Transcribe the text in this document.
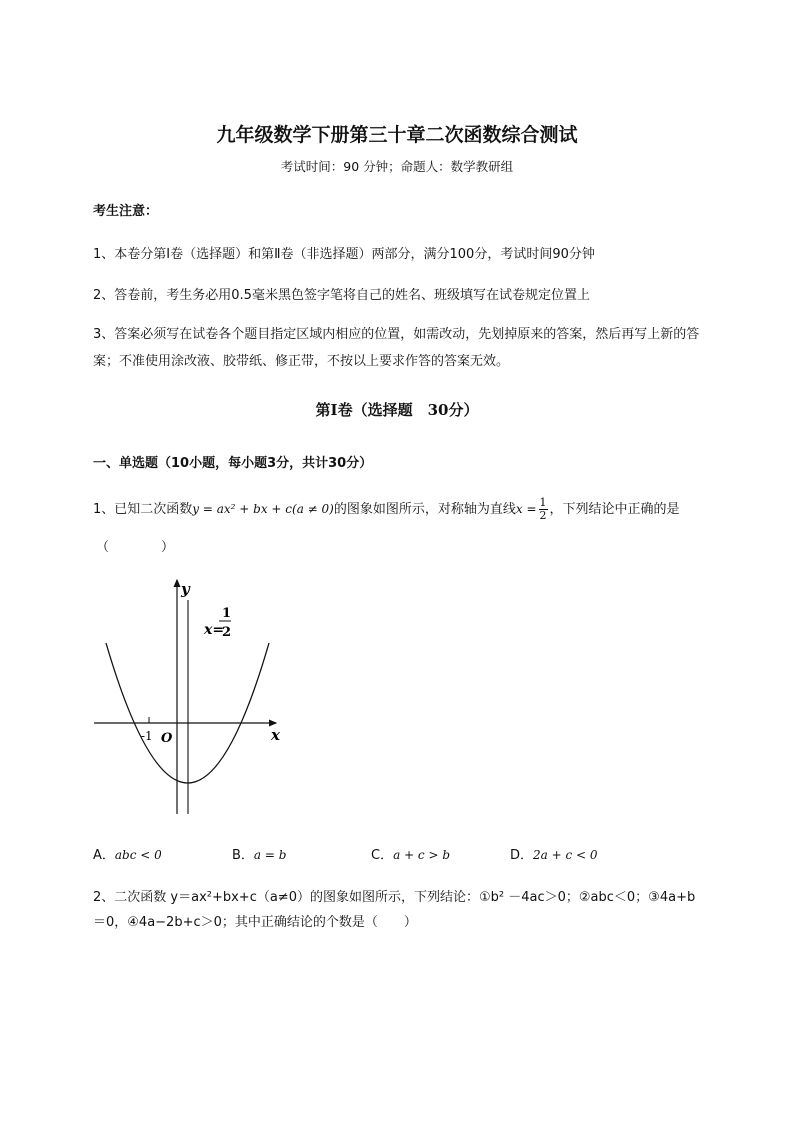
九年级数学下册第三十章二次函数综合测试
考试时间：90 分钟；命题人：数学教研组
考生注意：
1、本卷分第Ⅰ卷（选择题）和第Ⅱ卷（非选择题）两部分，满分100分，考试时间90分钟
2、答卷前，考生务必用0.5毫米黑色签字笔将自己的姓名、班级填写在试卷规定位置上
3、答案必须写在试卷各个题目指定区域内相应的位置，如需改动，先划掉原来的答案，然后再写上新的答案；不准使用涂改液、胶带纸、修正带，不按以上要求作答的答案无效。
第Ⅰ卷（选择题　30分）
一、单选题（10小题，每小题3分，共计30分）
1、已知二次函数y = ax² + bx + c(a ≠ 0)的图象如图所示，对称轴为直线$x = \frac{1}{2}$ ，下列结论中正确的是
（　　　　）
y
x
O
-1
x=
1
2
A．abc < 0	B．a = b	C．a + c > b	D．2a + c < 0
2、二次函数 y＝ax²+bx+c（a≠0）的图象如图所示，下列结论：①b² －4ac＞0；②abc＜0；③4a+b
＝0，④4a−2b+c＞0；其中正确结论的个数是（　　）
